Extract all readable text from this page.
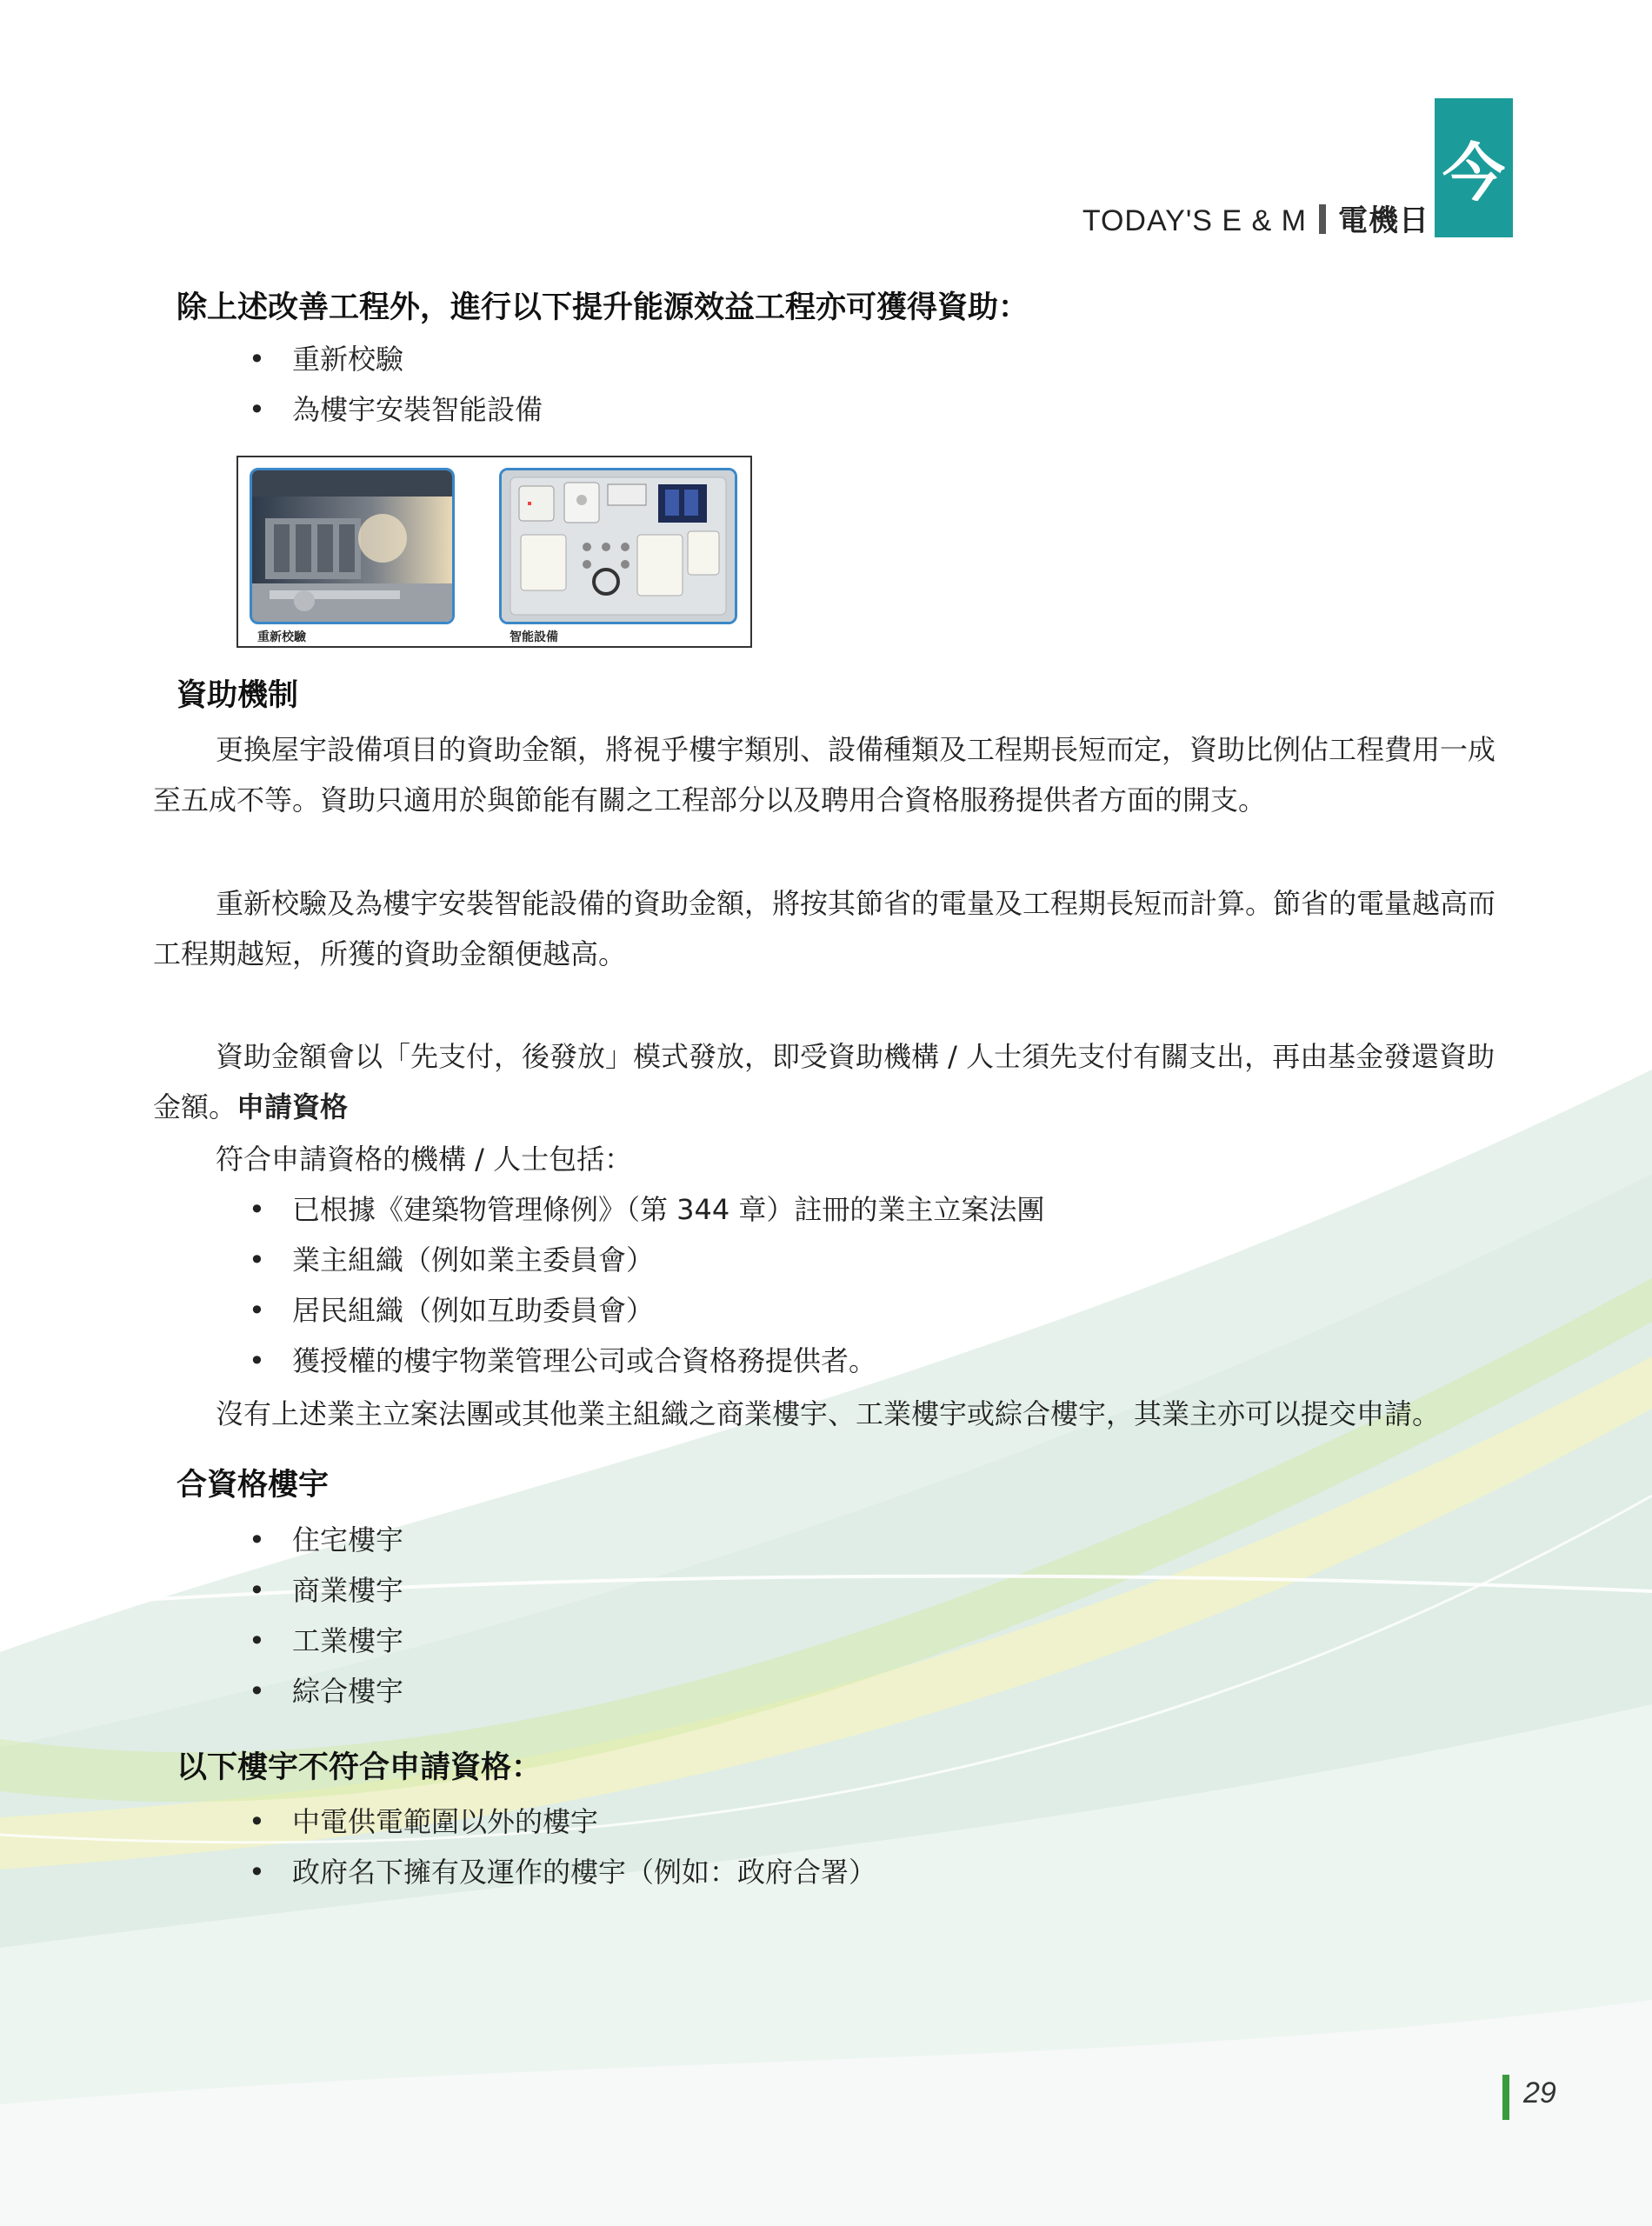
TODAY'S E & M 電機日
今
除上述改善工程外，進行以下提升能源效益工程亦可獲得資助：
• 重新校驗
• 為樓宇安裝智能設備
重新校驗	智能設備
資助機制
更換屋宇設備項目的資助金額，將視乎樓宇類別、設備種類及工程期長短而定，資助比例佔工程費用一成至五成不等。資助只適用於與節能有關之工程部分以及聘用合資格服務提供者方面的開支。
重新校驗及為樓宇安裝智能設備的資助金額，將按其節省的電量及工程期長短而計算。節省的電量越高而工程期越短，所獲的資助金額便越高。
資助金額會以「先支付，後發放」模式發放，即受資助機構 / 人士須先支付有關支出，再由基金發還資助金額。申請資格
符合申請資格的機構 / 人士包括：
• 已根據《建築物管理條例》（第 344 章）註冊的業主立案法團
• 業主組織（例如業主委員會）
• 居民組織（例如互助委員會）
• 獲授權的樓宇物業管理公司或合資格務提供者。
沒有上述業主立案法團或其他業主組織之商業樓宇、工業樓宇或綜合樓宇，其業主亦可以提交申請。
合資格樓宇
• 住宅樓宇
• 商業樓宇
• 工業樓宇
• 綜合樓宇
以下樓宇不符合申請資格：
• 中電供電範圍以外的樓宇
• 政府名下擁有及運作的樓宇（例如：政府合署）
29
